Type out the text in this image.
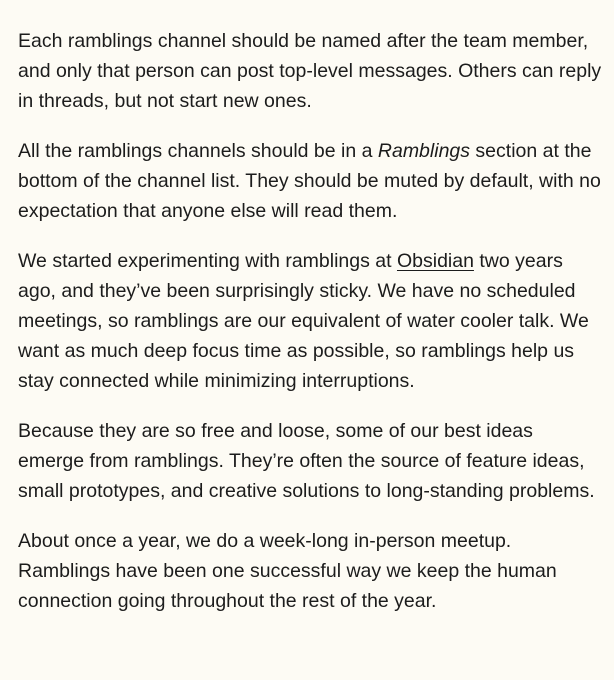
Each ramblings channel should be named after the team member, and only that person can post top-level messages. Others can reply in threads, but not start new ones.

All the ramblings channels should be in a Ramblings section at the bottom of the channel list. They should be muted by default, with no expectation that anyone else will read them.

We started experimenting with ramblings at Obsidian two years ago, and they’ve been surprisingly sticky. We have no scheduled meetings, so ramblings are our equivalent of water cooler talk. We want as much deep focus time as possible, so ramblings help us stay connected while minimizing interruptions.

Because they are so free and loose, some of our best ideas emerge from ramblings. They’re often the source of feature ideas, small prototypes, and creative solutions to long-standing problems.

About once a year, we do a week-long in-person meetup. Ramblings have been one successful way we keep the human connection going throughout the rest of the year.
